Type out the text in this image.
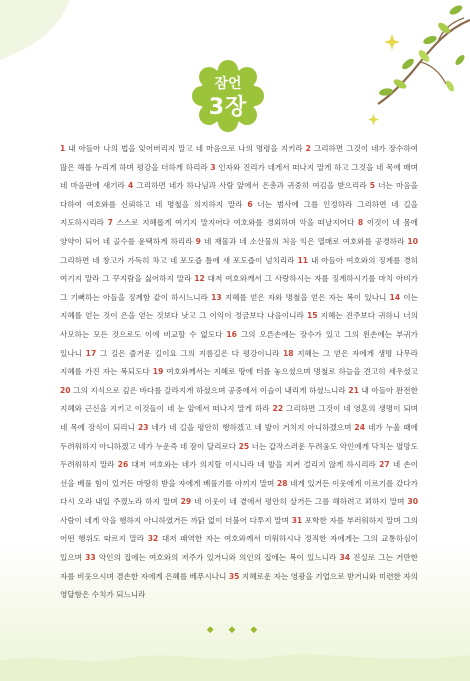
잠언
3장
1 내 아들아 나의 법을 잊어버리지 말고 네 마음으로 나의 명령을 지키라 2 그리하면 그것이 네가 장수하여 많은 해를 누리게 하며 평강을 더하게 하리라 3 인자와 진리가 네게서 떠나지 말게 하고 그것을 네 목에 매며 네 마음판에 새기라 4 그리하면 네가 하나님과 사람 앞에서 은총과 귀중히 여김을 받으리라 5 너는 마음을 다하여 여호와를 신뢰하고 네 명철을 의지하지 말라 6 너는 범사에 그를 인정하라 그리하면 네 길을 지도하시리라 7 스스로 지혜롭게 여기지 말지어다 여호와를 경외하며 악을 떠날지어다 8 이것이 네 몸에 양약이 되어 네 골수를 윤택하게 하리라 9 네 재물과 네 소산물의 처음 익은 열매로 여호와를 공경하라 10 그리하면 네 창고가 가득히 차고 네 포도즙 틀에 새 포도즙이 넘치리라 11 내 아들아 여호와의 징계를 경히 여기지 말라 그 꾸지람을 싫어하지 말라 12 대저 여호와께서 그 사랑하시는 자를 징계하시기를 마치 아비가 그 기뻐하는 아들을 징계함 같이 하시느니라 13 지혜를 얻은 자와 명철을 얻은 자는 복이 있나니 14 이는 지혜를 얻는 것이 은을 얻는 것보다 낫고 그 이익이 정금보다 나음이니라 15 지혜는 진주보다 귀하니 너의 사모하는 모든 것으로도 이에 비교할 수 없도다 16 그의 오른손에는 장수가 있고 그의 왼손에는 부귀가 있나니 17 그 길은 즐거운 길이요 그의 지름길은 다 평강이니라 18 지혜는 그 얻은 자에게 생명 나무라 지혜를 가진 자는 복되도다 19 여호와께서는 지혜로 땅에 터를 놓으셨으며 명철로 하늘을 견고히 세우셨고 20 그의 지식으로 깊은 바다를 갈라지게 하셨으며 공중에서 이슬이 내리게 하셨느니라 21 내 아들아 완전한 지혜와 근신을 지키고 이것들이 네 눈 앞에서 떠나지 말게 하라 22 그리하면 그것이 네 영혼의 생명이 되며 네 목에 장식이 되리니 23 네가 네 길을 평안히 행하겠고 네 발이 거치지 아니하겠으며 24 네가 누울 때에 두려워하지 아니하겠고 네가 누운즉 네 잠이 달리로다 25 너는 갑작스러운 두려움도 악인에게 닥치는 멸망도 두려워하지 말라 26 대저 여호와는 네가 의지할 이시니라 네 발을 지켜 걸리지 않게 하시리라 27 네 손이 선을 베풀 힘이 있거든 마땅히 받을 자에게 베풀기를 아끼지 말며 28 네게 있거든 이웃에게 이르기를 갔다가 다시 오라 내일 주겠노라 하지 말며 29 네 이웃이 네 곁에서 평안히 살거든 그를 해하려고 꾀하지 말며 30 사람이 네게 악을 행하지 아니하였거든 까닭 없이 더불어 다투지 말며 31 포학한 자를 부러워하지 말며 그의 어떤 행위도 따르지 말라 32 대저 패역한 자는 여호와께서 미워하시나 정직한 자에게는 그의 교통하심이 있으며 33 악인의 집에는 여호와의 저주가 있거니와 의인의 집에는 복이 있느니라 34 진실로 그는 거만한 자를 비웃으시며 겸손한 자에게 은혜를 베푸시나니 35 지혜로운 자는 영광을 기업으로 받거니와 미련한 자의 영달함은 수치가 되느니라
◆ ◆ ◆
